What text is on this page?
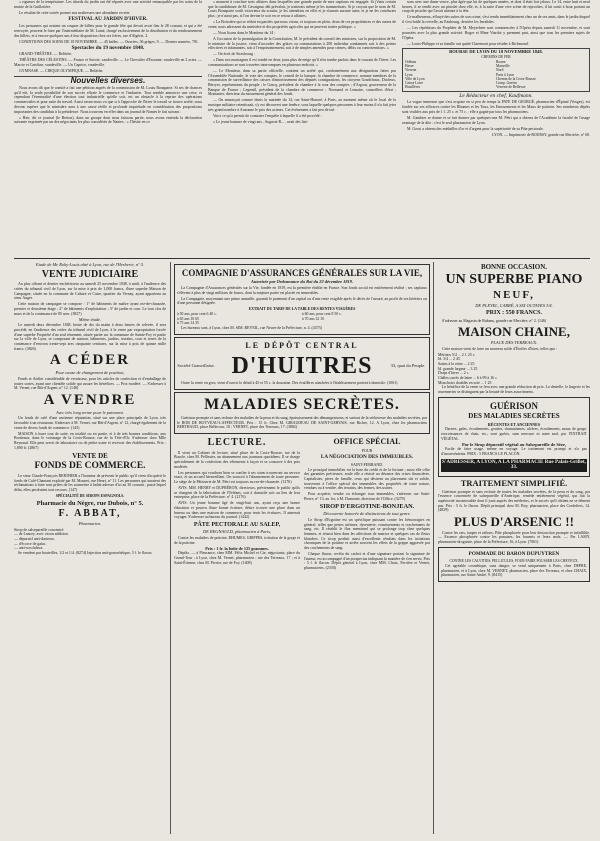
« rigueurs de la température. Les abords du jardin ont été réparés avec une activité remarquable par les soins de la mairie de la Guillotière.

Le résultat de cette soirée promet aux maîtresses une abondante recette.

FESTIVAL AU JARDIN D'HIVER.

Les personnes qui avaient un coupon de billets pour le grande fête qui devait avoir lieu le 28 courant, et qui a été renvoyée, peuvent le faire par l'intermédiaire de M. Lainé, chargé exclusivement de la distribution et du remboursement des billets, et à encore quelques uns à leur disposition chez ses frères, rue d'Algérie, 2.

CONDITIONS DES SOINS DE 18 NOVEMBRE. — 45 balles. — Ouvrées, 36 grèges, 9. — Dernier numéro, 781.

Spectacles du 19 novembre 1848.

GRAND-THÉÂTRE. — Relâche.

THÉÂTRE DES CÉLESTINS. — France et Savoie, vaudeville. — Le Chevalier d'Essonne, vaudeville en 2 actes. — Marcie et Caroline, vaudeville. — Un Caprice, vaudeville.

GYMNASE. — CIRQUE OLYMPIQUE. — Relâche.

Nouvelles diverses.

Nous avons dit que le comité a fait une pétition auprès de la commission de M. Louis Bonaparte. Si ses de chances qu'il eût, la seule possibilité de son succès effraie le commerce et l'industrie. Tout semble annoncer une crise, et cependant l'éventualité d'une élection tout industrielle qu'elle soit, est un obstacle à la reprise des opérations commerciales et pour suite du travail. Aussi avons-nous vu que si à l'approche de l'hiver le travail se trouve arrêté, nous devons espérer que le ministère aura à une cause réelle et profonde inquiétude en considération des propositions importantes des candidats à la présidence. Nous trouvons en effet dans un journal de Nantes le fait suivant :

« Hier, dit ce journal (le Breton), dans un groupe dont nous faisions partie, nous avons entendu la déclaration suivante exprimée par un des négociants les plus considérés de Nantes : « J'hésite en ce

« moment à conclure trois affaires dans lesquelles une grande partie de mes capitaux est engagée. Si j'étais certain que la candidature de M. Cavaignac dût prévaloir, je traiterais même je les transmettrais. Si je croyais que le nom de M. Louis Bonaparte sortît victorieux du scrutin, je les attendrais en effet et je n'aurais aucune suite, et je ne les conclurais plus ; je n'aurai pas, si l'on devine le soir en ce retour à affaires.

« La Boissière qui se réduit en paroles que nous citons, et toujours en plein, deux de ces propriétaires et des autres de vente, nous adressent du ministère et des propriétés agricoles qui ne peuvent traiter politique. »

— Nous lisons dans le Moniteur du 14 :

A l'occasion de la promulgation de la Constitution, M. le président du conseil des ministres, sur la proposition de M. le ministre de la justice, vient d'accorder des grâces ou commutations à 200 individus condamnés soit à des peines effectives et infamantes, soit à l'emprisonnement, soit à de simples amendes pour crimes, délits ou contraventions. »

— On écrit de Strasbourg :

« Dans nos montagnes il est tombé en deux jours plus de neige qu'il n'en tombe parfois dans le courant de l'hiver. Les communications se sont trouvées interrompues en plusieurs endroits. »

— Le Moniteur, dans sa partie officielle, contient un arrêté qui, conformément aux désignations faites par l'Assemblée Nationale, le vote des comptes, le conseil de la banque, la chambre de commerce, nomme membres de la commission de surveillance des caisses d'amortissement des députés consignations, les citoyens Goudchaux, Ducleux, Bérryer, représentants du peuple ; le Gascq, président de chambre à la cour des comptes ; d'Argout, gouverneur de la Banque de France ; Legentil, président de la chambre de commerce ; Normand et Lemaire, conseillers d'état ; Montanier, directeur du mouvement général des fonds.

— On annonçait comme denis la matinée du 14, rue Saint-Honoré, à Paris, au moment même où le local de la musique militaire retentissait, s'y est découvert une fenêtre, sous laquelle quelques personnes à leur moins il n'a fait jeter très grand nombre à Auxonne le prix des acteurs. Cet événement a fait peu de tué.

Voici ce qu'a permis de constater l'enquête à laquelle il a été procédé :

« Le jeune homme de vingt ans , Auguste R... , avait des liai-

sons avec une dame veuve, plus âgée que lui de quelques années, et dont il était fort jaloux. Le 14, entre huit et neuf heures, il se rendit avec un pistolet chez elle, et, à la suite d'une vive scène de reproches, il lui saisit à bout portant un coup de pistolet qui l'avait atteinte à la tête.

Ce malheureux, effrayé des suites de son crime, s'est rendu immédiatement chez un de ses amis, dans le jardin duquel il s'est brûlé la cervelle, au Faubourg, derrière les Invalides.

— Les répétitions du Prophète de M. Meyerbeer sont commencées à l'Opéra depuis samedi 11 novembre, et sont poussées avec la plus grande activité. Roger et Mme Viardot y prennent part, ainsi que tous les premiers sujets de l'Opéra.

— Louis-Philippe et sa famille ont quitté Claremont pour résider à Richmond.

BOURSE DE LYON DU 18 NOVEMBRE 1848.
CHEMINS DE FER
Orléans	Rouen
Havre	Marseille
Vierzon	Nord
Lyon	Paris à Lyon
Ville de Lyon	Chemin de la Croix-Rousse
Caisse Loire	Comp. Guérin
Houillères	Verrerie de Bellevue
Le Rédacteur en chef, Kaufmann.

La vogue immense que s'est acquise en si peu de temps la PATE DE GEORGÉ, pharmacien d'Épinal (Vosges), est fondée sur ses efficaces contre les Rhumes et les Toux, les Enrouements et les Maux de poitrine. Ses nombreux dépôts sont visibles aux prix de 1 f. 25 c. et 75 c. : elle a gagné par tous les pharmaciens.

M. Gauthier se donne et se fait donner par quelques-uns M. Pétri qui a obtenu de l'Académie la faculté de l'usage avantage de la dite : c'est le seul pharmacien de Lyon.

M. Gossi a obtenu des médailles d'or et d'argent pour la supériorité de sa Pâte pectorale.

LYON. — Imprimerie de BOURSY, grande rue Mercière, n° 68.
Etude de Me Roby-Louis aîné à Lyon, rue de l'Herberie, n° 5.
VENTE JUDICIAIRE

Au plus offrant et dernier enchérisseur au samedi 25 novembre 1848, à midi, à l'audience des criées du tribunal civil de Lyon, sur la mise à prix de 1,000 francs, d'une superbe Maison de Campagne, située en la commune de Caluire et Cuire, quartier du Vernay, ayant appartenu au sieur Auger.

Cette maison de campagne se compose : 1° de bâtiments de maître ayant rez-de-chaussée, premier et deuxième étage ; 2° de bâtiments d'exploitation ; 3° de jardin et cour. Le tout clos de murs et de la contenance de 85 ares. (3827)

Même étude.

Le samedi deux décembre 1848, heure de dix du matin à deux heures de relevée, il sera procédé, en l'audience des criées du tribunal civil de Lyon, à la vente par expropriation forcée d'une superbe Propriété d'un seul tènement, située partie sur la commune de Sainte-Foy et partie sur la ville de Lyon, se composant de maison, bâtiments, jardins, terrains, cour et terres de la contenance d'environ trente-sept ares cinquante centiares, sur la mise à prix de quinze mille francs. (3826)

A CÉDER
Pour cause de changement de position,

Fonds et Atelier considérable de vernisseur, pour les articles de confection et d'emballage de toutes sortes, ayant une clientèle solide qui assure les bénéfices. — Prix modéré. — S'adresser à M. Vernet, rue Bât-d'Argent, n° 12. (148)

A VENDRE
Avec très long terme pour le paiement.

Un fonds de café d'une ancienne réputation, situé sur une place principale de Lyon, très favorable à un restaurant. S'adresser à M. Vernet, rue Bât-d'Argent, n° 12, chargé également de la vente de divers fonds de commerce. (143)

MAISON à louer tout de suite, en totalité ou en partie, et à de très bonnes conditions, aux Brotteaux, dans le voisinage de la Croix-Rousse, rue de la Tête-d'Or. S'adresser chez Mlle Reynaud. Elle peut servir de laboratoire ou de petite usine et recevoir des établissements. Prix : 1,800 fr. (2867)

VENTE DE
FONDS DE COMMERCE.

Le sieur Claude-François BERTHIER a l'honneur de prévenir le public qu'il vient d'acquérir le fonds de Café-Chantant exploité par M. Mounet, rue Henri, n° 11. Les personnes qui auraient des réclamations à faire sont priées de les soumettre à ladite adresse d'ici au 30 courant ; passé lequel délai, elles perdraient tout recours. (147)

SPÉCIALITÉ DE SIROPS ESPAGNOLS.
Pharmacie du Nègre, rue Dubois, n° 5.
F. ABBAT,
Pharmacien.
Sirop de salsepareille concentré.
— de Lancey, avec citron addition.
— dépuratif anti-dartreux.
— d'écorce de gaïac.
— anti-scrofuleux.

Se vendent par bouteilles, 1/2 et 1/4. (8274) Injection anti-gonorrhéique, 3 f. le flacon.

COMPAGNIE D'ASSURANCES GÉNÉRALES SUR LA VIE,
Autorisée par Ordonnance du Roi du 22 décembre 1819.

La Compagnie d'Assurances générales sur la Vie, fondée en 1819, est la première établie en France. Son fonds social est entièrement réalisé ; ses capitaux s'élèvent à plus de vingt millions de francs, dont la majeure partie est placée en immeubles.

La Compagnie, moyennant une prime annuelle, garantit le paiement d'un capital ou d'une rente exigible après le décès de l'assuré, au profit de ses héritiers ou d'une personne désignée.

EXTRAIT DU TARIF DE LA TABLE DES RENTES VIAGÈRES
à 50 ans, pour cent 6 40 c.	à 60 ans, pour cent 8 50 c.
à 65 ans 10 65	à 70 ans 12 10
à 75 ans 14 35

Les bureaux sont, à Lyon, chez M. SIM. REVEIL, rue Neuve de la Préfecture, n. 4. (4373)

LE DÉPÔT CENTRAL
Société Granvillaise. D'HUITRES	33, quai du Peuple.

Outre la vente en gros, vient d'ouvrir le détail à 45 et 55 c. la douzaine. Des écaillères attachées à l'établissement portent à domicile. (1061)

MALADIES SECRÈTES.

Guérison prompte et sans rechute des maladies de la peau et du sang, épaississement des démangeaisons, et surtout de la sécheresse des maladies secrètes, par le ROB DE BOYVEAU-LAFFECTEUR. Prix : 15 fr. Chez M. GIRAUDEAU DE SAINT-GERVAIS, rue Richer, 12. A Lyon, chez les pharmaciens BERTHAUD, place Bellecour, 18 ; VERNET, place des Terreaux, 17. (3882)

LECTURE.

Il vient au Cabinet de lecture, situé place de la Croix-Rousse, rue de la Boucle, chez M. Pellissier, un abonnement aux journaux quotidiens. Il se charge spécialement de la confection des vêtements à façon et se consacre à des prix modérés.

Les personnes qui voudront bien se confier à ses soins trouveront un service exact, et un accueil bienveillant. On souscrit à l'abonnement de toute personne. Le siège de la Pâtisserie de M. Pétri est toujours au rez-de-chaussée. (1276)

AVIS. MM. HENRY et DUPRÉRON, directeurs, préviennent le public qu'ils se chargent de la fabrication de l'Orléans, soit à domicile soit au lieu de leur entreprise, place de la Préfecture, n° 4. (2176)

AVIS. Un jeune homme âgé de vingt-huit ans, ayant reçu une bonne éducation et pourvu d'une bonne écriture, désire trouver une place dans un bureau ou dans une maison de commerce, pour tenir les écritures. Il aimerait voyager. S'adresser au bureau du journal. (1442)

PÂTE PECTORALE AU SALEP,
DE REGNAULD, pharmacien à Paris,

Contre les maladies de poitrine, RHUMES, GRIPPES, irritation de la gorge et de la poitrine.

Prix : 1 fr. la boîte de 125 grammes.

Dépôts. — à Fleurance, chez MM. Félix Michel et Cie, négociants, place du Grand-Tour ; à Lyon, chez M. Vernet, pharmacien ; rue des Terreaux, 17 ; et à Saint-Étienne, chez M. Perrier, rue de Foy. (1408)

OFFICE SPÉCIAL
POUR
LA NÉGOCIATION DES IMMEUBLES.
SAINT-FERRAND.

Le principal immobilier est la base du crédit et de la fortune ; aussi elle offre des garanties précieuses, seule elle a résisté au désastre des crises financières. Capitalistes, pères de famille, ceux qui désirent un placement sûr et solide, trouveront à l'office spécial des immeubles des propriétés de toute nature, vendues ou à vendre, des terrains, des fermes, des usines.

Pour acquérir, vendre ou échanger tous immeubles, s'adresser rue Saint-Pierre, n° 13, au 1er, à M. Dumonet, directeur de l'Office. (3279)

SIROP D'ERGOTINE-BONJEAN.
Découverte honorée de distinctions de tout genre.

Le Sirop d'Ergotine est un spécifique puissant contre les hémorragies en général, telles que pertes utérines, dysenterie, vomissements et crachements de sang, etc. Il rétablit le flux menstruel qui se prolonge trop chez quelques femmes, et réussit bien dans les affections de matrice et quelques cas de fleurs blanches. Ce sirop produit aussi d'excellents résultats dans les irritations chroniques de la poitrine et arrête souvent les effets de la grippe aggravée par des crachements de sang.

Chaque flacon, revêtu du cachet et d'une signature portant la signature de l'auteur, est accompagné d'un prospectus indiquant la manière de s'en servir. Prix : 3 f. le flacon. Dépôt général à Lyon, chez MM. Chaix, Ferrière et Vernet, pharmaciens. (2330)

BONNE OCCASION.
UN SUPERBE PIANO
NEUF,
DE PLEYEL, CARRÉ, A SIX OCTAVES 3/4.
PRIX : 550 FRANCS.

S'adresser au Magasin de Rubans, grande rue Mercière, n° 2. (146)

MAISON CHAINE,
PLACE DES TERREAUX.

Cette maison vient de faire un nouveau solde d'Étoffes d'hiver, telles que :

Mérinos 5/4 ... 2 f. 25 c.
Id. 3/4 ... 2 45
Satins à la reine ... 2 25
Id. grande largeur ... 3 25
Draps d'hiver ... 2 »
Châles carrés de laine ... 6 à 99 à 16 »
Mouchoirs doublés en soie ... 1 25

Le bénéfice de la vente se fera avec une grande réduction de prix. La dentelle, le lingerie et les rouenneries se distinguent par la beauté de leurs assortiments.

GUÉRISON
DES MALADIES SECRÈTES
RÉCENTES ET ANCIENNES

Dartres, gales, écoulements, gouttes, rhumatismes, ulcères, écoulements, maux de gorge, excroissances de chair, etc., sont guéris, sans mercure ni autre mal, par l'EXTRAIT VÉGÉTAL

Par le Sirop dépuratif végétal au Salsepareille de Sèze,

Facile de faire usage, même en voyage. Le traitement est prompt et n'a pas d'inconvénients. PRIX : 5 FRANCS LE FLACON.

S'ADRESSER, A LYON, A LA PHARMACIE Rue Palais-Grillet, 33.
TRAITEMENT SIMPLIFIÉ.

Guérison prompte et sans rechute de toutes les maladies secrètes, de la peau et du sang, par l'essence concentrée de salsepareille d'Amérique, remède entièrement végétal, qui fait la supériorité incontestable dont il jouit auprès des médecins, et le succès qu'il obtient ne se dément pas. Prix : 5 fr. le flacon. Dépôt principal chez M. Roy, pharmacien, place des Cordeliers, 14. (4829)

PLUS D'ARSENIC !!

Contre les rats, taupes et rafions, Pâte phosphorée pour leur destruction prompte et infaillible. — Essence phosphorée contre les punaises, les fourmis et leurs œufs. — Par LAMY, pharmacien-droguiste, place de la Préfecture, 16, à Lyon. (7061)

POMMADE DU BARON DUPUYTREN
CONTRE LES CALVITIES, PELLICULES, POUR FAIRE POUSSER LES CHEVEUX.

Cet agréable cosmétique, sans danger, se vend uniquement à Paris, chez DEPRE, pharmacien, et à Lyon, chez M. VERNET, pharmacien, place des Terreaux, et chez CHAIX, pharmacien, rue Saint-André, 9. (8415)
